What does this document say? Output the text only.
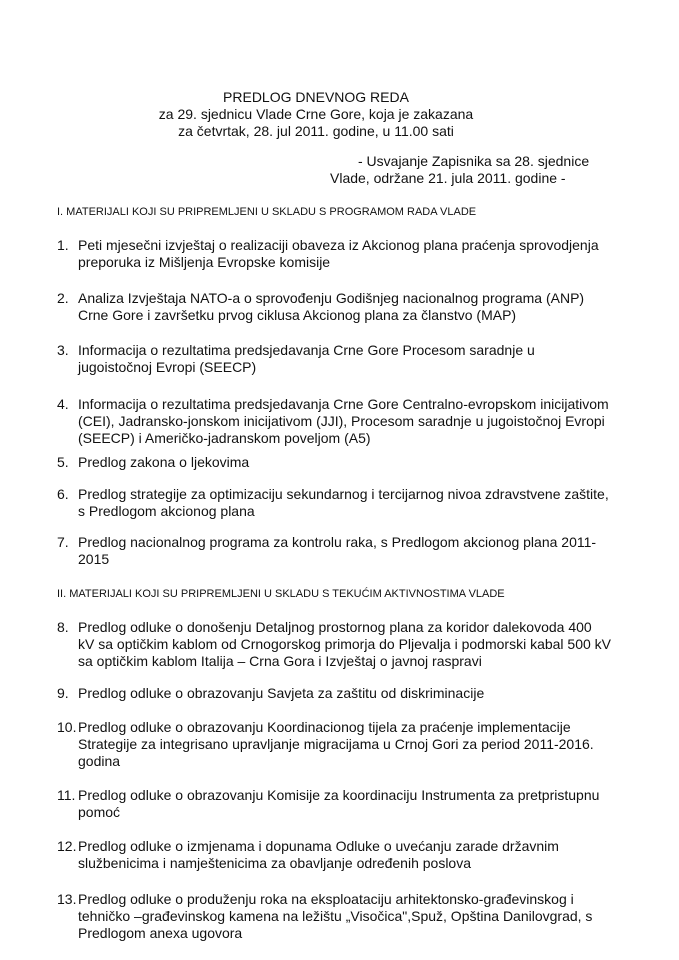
PREDLOG DNEVNOG REDA
za 29. sjednicu Vlade Crne Gore, koja je zakazana
za četvrtak, 28. jul 2011. godine, u 11.00 sati
- Usvajanje Zapisnika sa 28. sjednice
Vlade, održane 21. jula 2011. godine -
I. MATERIJALI KOJI SU PRIPREMLJENI U SKLADU S PROGRAMOM RADA VLADE
II. MATERIJALI KOJI SU PRIPREMLJENI U SKLADU S TEKUĆIM AKTIVNOSTIMA VLADE
1. Peti mjesečni izvještaj o realizaciji obaveza iz Akcionog plana praćenja sprovodjenja
preporuka iz Mišljenja Evropske komisije
2. Analiza Izvještaja NATO-a o sprovođenju Godišnjeg nacionalnog programa (ANP)
Crne Gore i završetku prvog ciklusa Akcionog plana za članstvo (MAP)
3. Informacija o rezultatima predsjedavanja Crne Gore Procesom saradnje u
jugoistočnoj Evropi (SEECP)
4. Informacija o rezultatima predsjedavanja Crne Gore Centralno-evropskom inicijativom
(CEI), Jadransko-jonskom inicijativom (JJI), Procesom saradnje u jugoistočnoj Evropi
(SEECP) i Američko-jadranskom poveljom (A5)
5. Predlog zakona o ljekovima
6. Predlog strategije za optimizaciju sekundarnog i tercijarnog nivoa zdravstvene zaštite,
s Predlogom akcionog plana
7. Predlog nacionalnog programa za kontrolu raka, s Predlogom akcionog plana 2011-
2015
8. Predlog odluke o donošenju Detaljnog prostornog plana za koridor dalekovoda 400
kV sa optičkim kablom od Crnogorskog primorja do Pljevalja i podmorski kabal 500 kV
sa optičkim kablom Italija – Crna Gora i Izvještaj o javnoj raspravi
9. Predlog odluke o obrazovanju Savjeta za zaštitu od diskriminacije
10. Predlog odluke o obrazovanju Koordinacionog tijela za praćenje implementacije
Strategije za integrisano upravljanje migracijama u Crnoj Gori za period 2011-2016.
godina
11. Predlog odluke o obrazovanju Komisije za koordinaciju Instrumenta za pretpristupnu
pomoć
12. Predlog odluke o izmjenama i dopunama Odluke o uvećanju zarade državnim
službenicima i namještenicima za obavljanje određenih poslova
13. Predlog odluke o produženju roka na eksploataciju arhitektonsko-građevinskog i
tehničko –građevinskog kamena na ležištu „Visočica",Spuž, Opština Danilovgrad, s
Predlogom anexa ugovora
